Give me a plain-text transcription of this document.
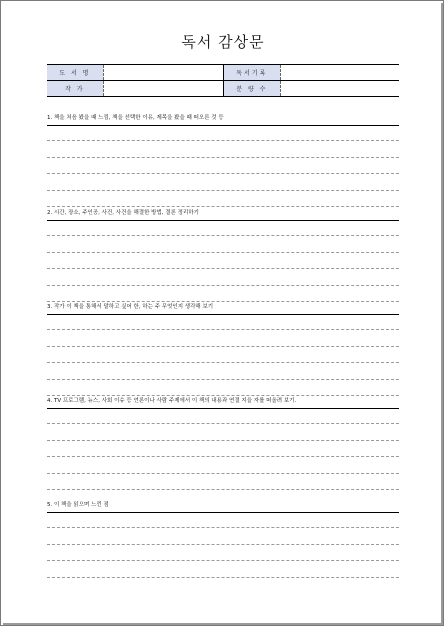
독서 감상문
도 서 명		독서기록	
작 가		분 량 수	
1. 책을 처음 봤을 때 느낌, 책을 선택한 이유, 제목을 봤을 때 떠오른 것 등
2. 시간, 장소, 주인공, 사건, 사건을 해결한 방법, 결론 정리하기
3. 작가 이 책을 통해서 말하고 싶어 한, 하는 주 무엇인지 생각해 보기
4. TV 프로그램, 뉴스, 사회 이슈 등 언론이나 사람 주제에서 이 책의 내용과 연결 지을 자를 떠올려 보기.
5. 이 책을 읽으며 느낀 점
